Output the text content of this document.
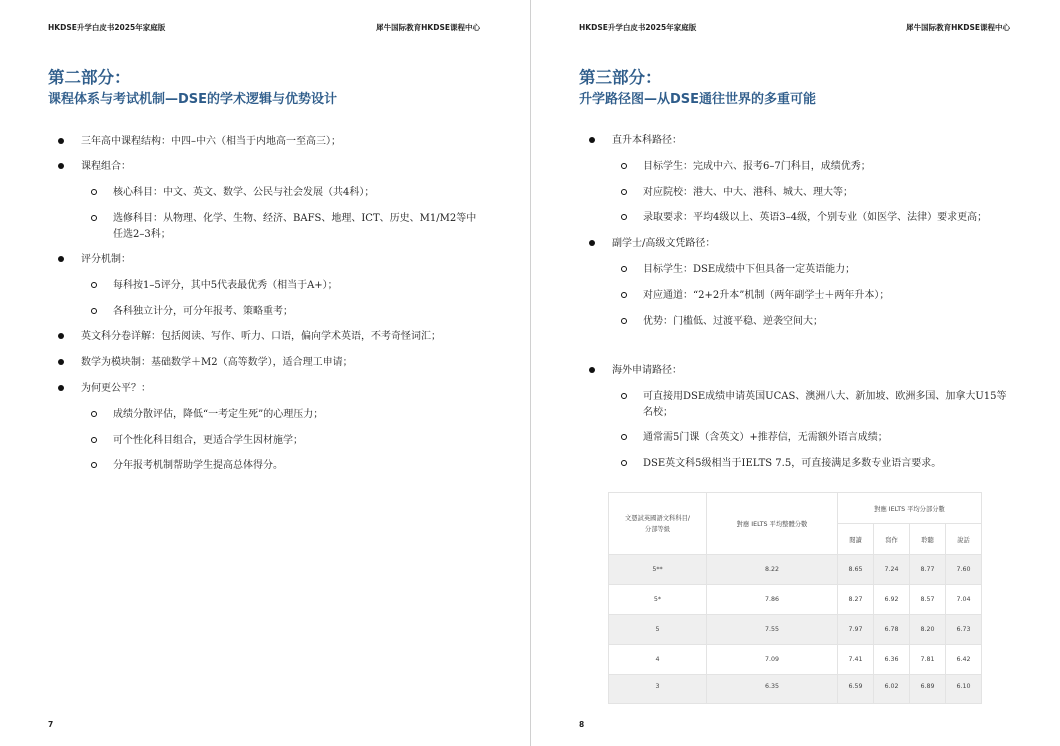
HKDSE升学白皮书2025年家庭版	犀牛国际教育HKDSE课程中心
第二部分：
课程体系与考试机制—DSE的学术逻辑与优势设计

三年高中课程结构：中四–中六（相当于内地高一至高三）；

课程组合：

核心科目：中文、英文、数学、公民与社会发展（共4科）；

选修科目：从物理、化学、生物、经济、BAFS、地理、ICT、历史、M1/M2等中任选2–3科；

评分机制：

每科按1–5评分，其中5代表最优秀（相当于A+）；

各科独立计分，可分年报考、策略重考；

英文科分卷详解：包括阅读、写作、听力、口语，偏向学术英语，不考奇怪词汇；

数学为模块制：基础数学＋M2（高等数学），适合理工申请；

为何更公平？：

成绩分散评估，降低“一考定生死”的心理压力；

可个性化科目组合，更适合学生因材施学；

分年报考机制帮助学生提高总体得分。

7
HKDSE升学白皮书2025年家庭版	犀牛国际教育HKDSE课程中心
第三部分：
升学路径图—从DSE通往世界的多重可能

直升本科路径：

目标学生：完成中六、报考6–7门科目，成绩优秀；

对应院校：港大、中大、港科、城大、理大等；

录取要求：平均4级以上、英语3–4级，个别专业（如医学、法律）要求更高；

副学士/高级文凭路径：

目标学生：DSE成绩中下但具备一定英语能力；

对应通道：“2+2升本”机制（两年副学士＋两年升本）；

优势：门槛低、过渡平稳、逆袭空间大；

海外申请路径：

可直接用DSE成绩申请英国UCAS、澳洲八大、新加坡、欧洲多国、加拿大U15等名校；

通常需5门课（含英文）+推荐信，无需额外语言成绩；

DSE英文科5级相当于IELTS 7.5，可直接满足多数专业语言要求。

8
文憑試英國語文科科目/分部等級	對應 IELTS 平均整體分數	對應 IELTS 平均分部分數			
		閱讀	寫作	聆聽	說話
5**	8.22	8.65	7.24	8.77	7.60
5*	7.86	8.27	6.92	8.57	7.04
5	7.55	7.97	6.78	8.20	6.73
4	7.09	7.41	6.36	7.81	6.42
3	6.35	6.59	6.02	6.89	6.10
